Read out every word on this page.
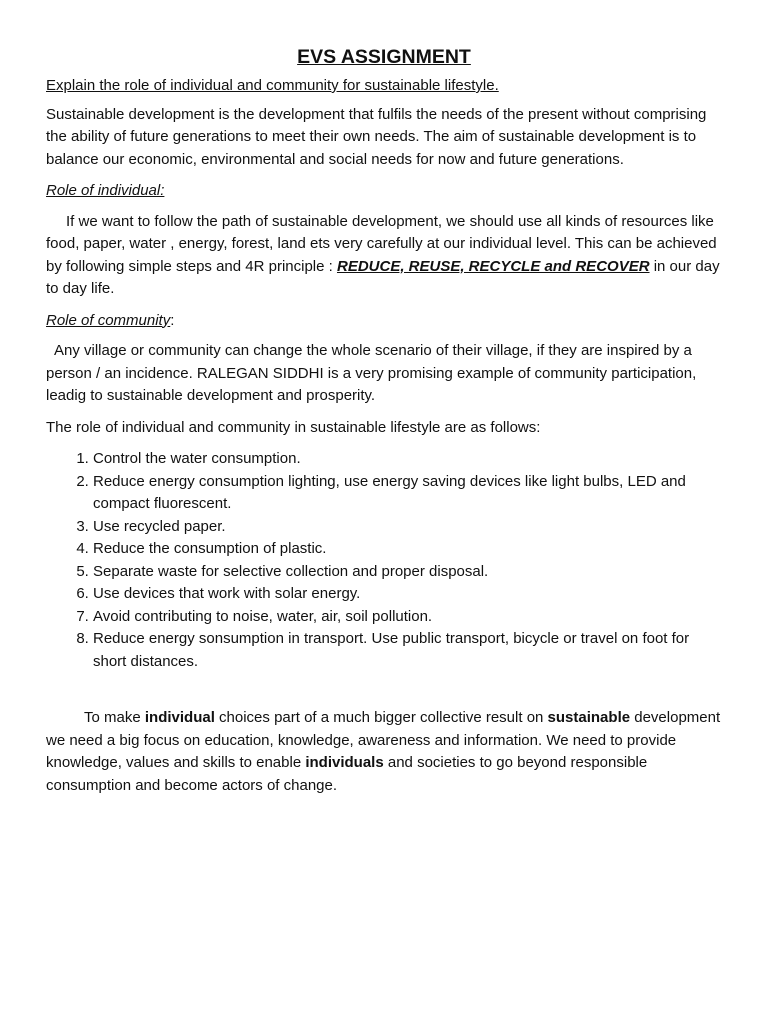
EVS ASSIGNMENT
Explain the role of individual and community for sustainable lifestyle.

Sustainable development is the development that fulfils the needs of the present without comprising the ability of future generations to meet their own needs. The aim of sustainable development is to balance our economic, environmental and social needs for now and future generations.

Role of individual:

If we want to follow the path of sustainable development, we should use all kinds of resources like food, paper, water , energy, forest, land ets very carefully at our individual level. This can be achieved by following simple steps and 4R principle : REDUCE, REUSE, RECYCLE and RECOVER in our day to day life.

Role of community:

Any village or community can change the whole scenario of their village, if they are inspired by a person / an incidence. RALEGAN SIDDHI is a very promising example of community participation, leadig to sustainable development and prosperity.

The role of individual and community in sustainable lifestyle are as follows:

1. Control the water consumption.
2. Reduce energy consumption lighting, use energy saving devices like light bulbs, LED and compact fluorescent.
3. Use recycled paper.
4. Reduce the consumption of plastic.
5. Separate waste for selective collection and proper disposal.
6. Use devices that work with solar energy.
7. Avoid contributing to noise, water, air, soil pollution.
8. Reduce energy sonsumption in transport. Use public transport, bicycle or travel on foot for short distances.

To make individual choices part of a much bigger collective result on sustainable development we need a big focus on education, knowledge, awareness and information. We need to provide knowledge, values and skills to enable individuals and societies to go beyond responsible consumption and become actors of change.
